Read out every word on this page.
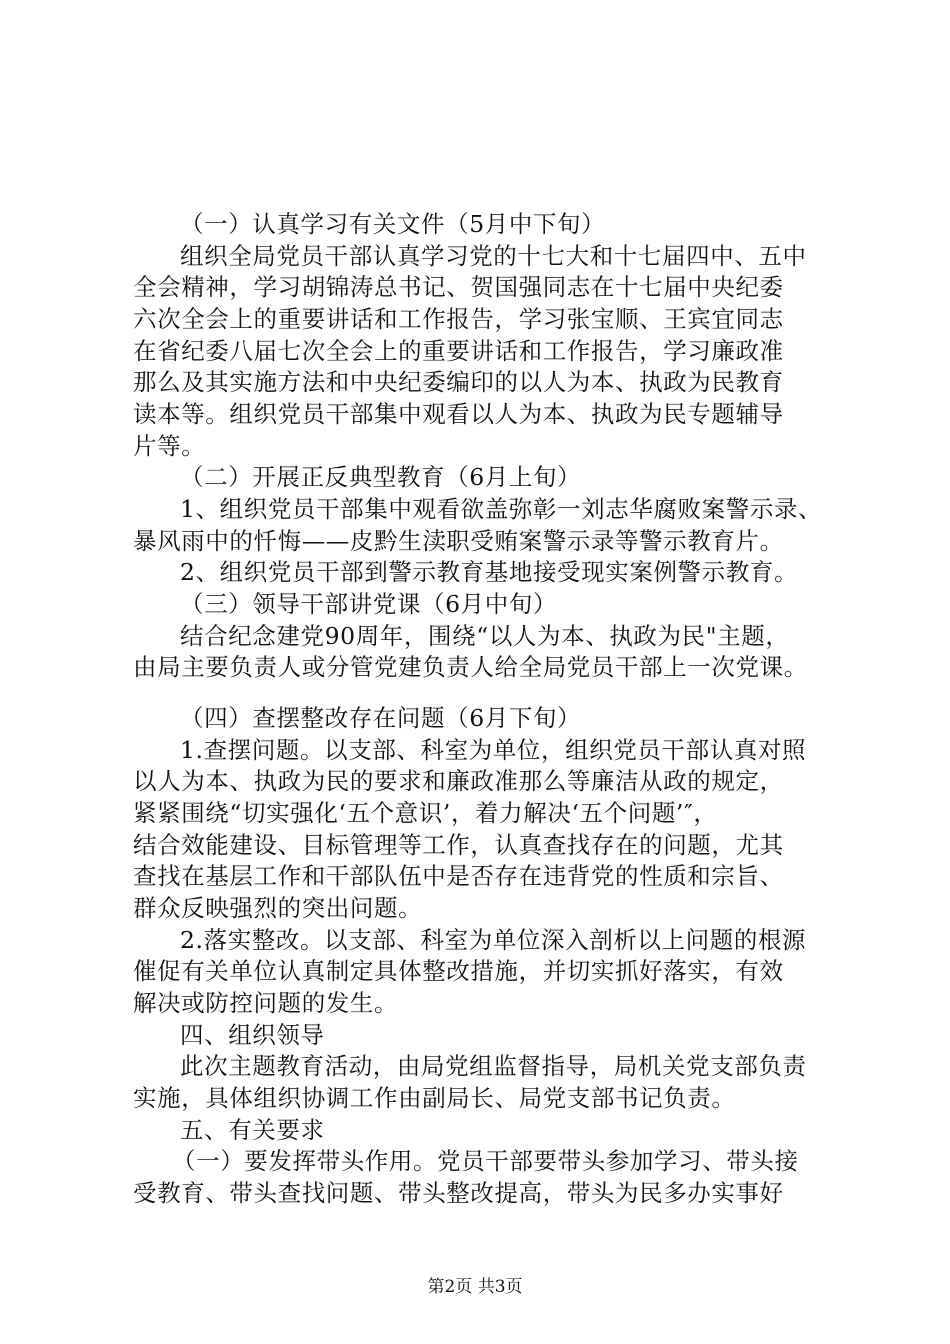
（一）认真学习有关文件（5月中下旬）
组织全局党员干部认真学习党的十七大和十七届四中、五中
全会精神，学习胡锦涛总书记、贺国强同志在十七届中央纪委
六次全会上的重要讲话和工作报告，学习张宝顺、王宾宜同志
在省纪委八届七次全会上的重要讲话和工作报告，学习廉政准
那么及其实施方法和中央纪委编印的以人为本、执政为民教育
读本等。组织党员干部集中观看以人为本、执政为民专题辅导
片等。
（二）开展正反典型教育（6月上旬）
1、组织党员干部集中观看欲盖弥彰一刘志华腐败案警示录、
暴风雨中的忏悔——皮黔生渎职受贿案警示录等警示教育片。
2、组织党员干部到警示教育基地接受现实案例警示教育。
（三）领导干部讲党课（6月中旬）
结合纪念建党90周年，围绕“以人为本、执政为民"主题，
由局主要负责人或分管党建负责人给全局党员干部上一次党课。
（四）查摆整改存在问题（6月下旬）
1.查摆问题。以支部、科室为单位，组织党员干部认真对照
以人为本、执政为民的要求和廉政准那么等廉洁从政的规定，
紧紧围绕“切实强化‘五个意识’，着力解决‘五个问题’″，
结合效能建设、目标管理等工作，认真查找存在的问题，尤其
查找在基层工作和干部队伍中是否存在违背党的性质和宗旨、
群众反映强烈的突出问题。
2.落实整改。以支部、科室为单位深入剖析以上问题的根源
催促有关单位认真制定具体整改措施，并切实抓好落实，有效
解决或防控问题的发生。
四、组织领导
此次主题教育活动，由局党组监督指导，局机关党支部负责
实施，具体组织协调工作由副局长、局党支部书记负责。
五、有关要求
（一）要发挥带头作用。党员干部要带头参加学习、带头接
受教育、带头查找问题、带头整改提高，带头为民多办实事好
第2页 共3页
